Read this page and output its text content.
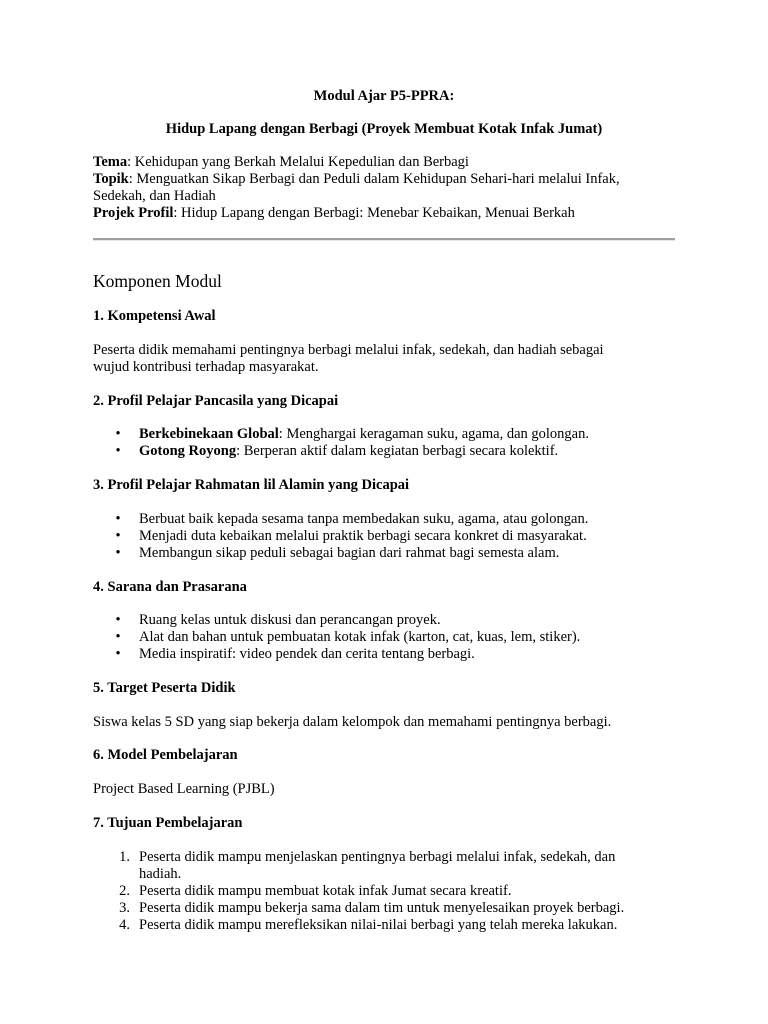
Modul Ajar P5-PPRA:
Hidup Lapang dengan Berbagi (Proyek Membuat Kotak Infak Jumat)
Tema: Kehidupan yang Berkah Melalui Kepedulian dan Berbagi
Topik: Menguatkan Sikap Berbagi dan Peduli dalam Kehidupan Sehari-hari melalui Infak,
Sedekah, dan Hadiah
Projek Profil: Hidup Lapang dengan Berbagi: Menebar Kebaikan, Menuai Berkah
Komponen Modul
1. Kompetensi Awal
Peserta didik memahami pentingnya berbagi melalui infak, sedekah, dan hadiah sebagai
wujud kontribusi terhadap masyarakat.
2. Profil Pelajar Pancasila yang Dicapai
• Berkebinekaan Global: Menghargai keragaman suku, agama, dan golongan.
• Gotong Royong: Berperan aktif dalam kegiatan berbagi secara kolektif.
3. Profil Pelajar Rahmatan lil Alamin yang Dicapai
• Berbuat baik kepada sesama tanpa membedakan suku, agama, atau golongan.
• Menjadi duta kebaikan melalui praktik berbagi secara konkret di masyarakat.
• Membangun sikap peduli sebagai bagian dari rahmat bagi semesta alam.
4. Sarana dan Prasarana
• Ruang kelas untuk diskusi dan perancangan proyek.
• Alat dan bahan untuk pembuatan kotak infak (karton, cat, kuas, lem, stiker).
• Media inspiratif: video pendek dan cerita tentang berbagi.
5. Target Peserta Didik
Siswa kelas 5 SD yang siap bekerja dalam kelompok dan memahami pentingnya berbagi.
6. Model Pembelajaran
Project Based Learning (PJBL)
7. Tujuan Pembelajaran
1. Peserta didik mampu menjelaskan pentingnya berbagi melalui infak, sedekah, dan
hadiah.
2. Peserta didik mampu membuat kotak infak Jumat secara kreatif.
3. Peserta didik mampu bekerja sama dalam tim untuk menyelesaikan proyek berbagi.
4. Peserta didik mampu merefleksikan nilai-nilai berbagi yang telah mereka lakukan.
